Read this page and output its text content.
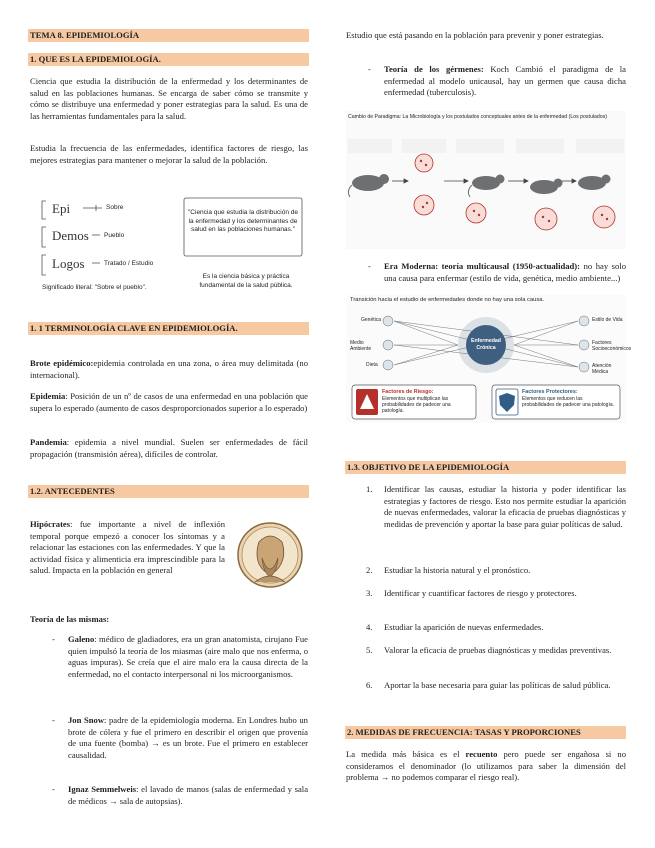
TEMA 8. EPIDEMIOLOGÍA
1. QUE ES LA EPIDEMIOLOGÍA.
Ciencia que estudia la distribución de la enfermedad y los determinantes de salud en las poblaciones humanas. Se encarga de saber cómo se transmite y cómo se distribuye una enfermedad y poner estrategias para la salud. Es una de las herramientas fundamentales para la salud.
Estudia la frecuencia de las enfermedades, identifica factores de riesgo, las mejores estrategias para mantener o mejorar la salud de la población.
Epi	Sobre
Demos Pueblo
Logos	Tratado / Estudio
Significado literal: "Sobre el pueblo".
"Ciencia que estudia la distribución de la enfermedad y los determinantes de salud en las poblaciones humanas."
Es la ciencia básica y práctica fundamental de la salud pública.
1. 1 TERMINOLOGÍA CLAVE EN EPIDEMIOLOGÍA.
Brote epidémico:epidemia controlada en una zona, o área muy delimitada (no internacional).
Epidemia: Posición de un nº de casos de una enfermedad en una población que supera lo esperado (aumento de casos desproporcionados superior a lo esperado)
Pandemia: epidemia a nivel mundial. Suelen ser enfermedades de fácil propagación (transmisión aérea), difíciles de controlar.
1.2. ANTECEDENTES
Hipócrates: fue importante a nivel de inflexión temporal porque empezó a conocer los síntomas y a relacionar las estaciones con las enfermedades. Y que la actividad física y alimenticia era imprescindible para la salud. Impacta en la población en general
Teoría de las mismas:
- Galeno: médico de gladiadores, era un gran anatomista, cirujano Fue quien impulsó la teoría de los miasmas (aire malo que nos enferma, o aguas impuras). Se creía que el aire malo era la causa directa de la enfermedad, no el contacto interpersonal ni los microorganismos.
- Jon Snow: padre de la epidemiología moderna. En Londres hubo un brote de cólera y fue el primero en describir el origen que provenía de una fuente (bomba) → es un brote. Fue el primero en establecer causalidad.
- Ignaz Semmelweis: el lavado de manos (salas de enfermedad y sala de médicos → sala de autopsias).
Estudio que está pasando en la población para prevenir y poner estrategias.
- Teoría de los gérmenes: Koch Cambió el paradigma de la enfermedad al modelo unicausal, hay un germen que causa dicha enfermedad (tuberculosis).
Cambio de Paradigma: La Microbiología y los postulados conceptuales antes de la enfermedad (Los postulados)
- Era Moderna: teoría multicausal (1950-actualidad): no hay solo una causa para enfermar (estilo de vida, genética, medio ambiente...)
Transición hacia el estudio de enfermedades donde no hay una sola causa.
Enfermedad Crónica
Genética
Medio Ambiente
Dieta
Estilo de Vida
Factores Socioeconómicos
Atención Médica
Factores de Riesgo:
Elementos que multiplican las probabilidades de padecer una patología.
Factores Protectores:
Elementos que reducen las probabilidades de padecer una patología.
1.3. OBJETIVO DE LA EPIDEMIOLOGÍA
1. Identificar las causas, estudiar la historia y poder identificar las estrategias y factores de riesgo. Esto nos permite estudiar la aparición de nuevas enfermedades, valorar la eficacia de pruebas diagnósticas y medidas de prevención y aportar la base para guiar políticas de salud.
2. Estudiar la historia natural y el pronóstico.
3. Identificar y cuantificar factores de riesgo y protectores.
4. Estudiar la aparición de nuevas enfermedades.
5. Valorar la eficacia de pruebas diagnósticas y medidas preventivas.
6. Aportar la base necesaria para guiar las políticas de salud pública.
2. MEDIDAS DE FRECUENCIA: TASAS Y PROPORCIONES
La medida más básica es el recuento pero puede ser engañosa si no consideramos el denominador (lo utilizamos para saber la dimensión del problema → no podemos comparar el riesgo real).
